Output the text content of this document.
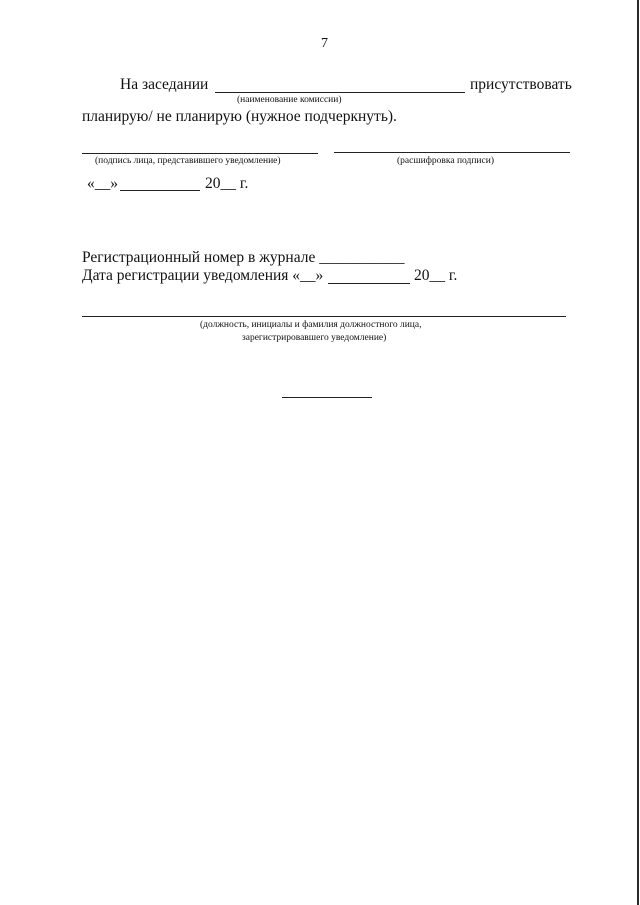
7
На заседании	присутствовать
(наименование комиссии)
планирую/ не планирую (нужное подчеркнуть).
(подпись лица, представившего уведомление)	(расшифровка подписи)
«__»	20__ г.
Регистрационный номер в журнале ___________
Дата регистрации уведомления «__»	20__ г.
(должность, инициалы и фамилия должностного лица,
зарегистрировавшего уведомление)
